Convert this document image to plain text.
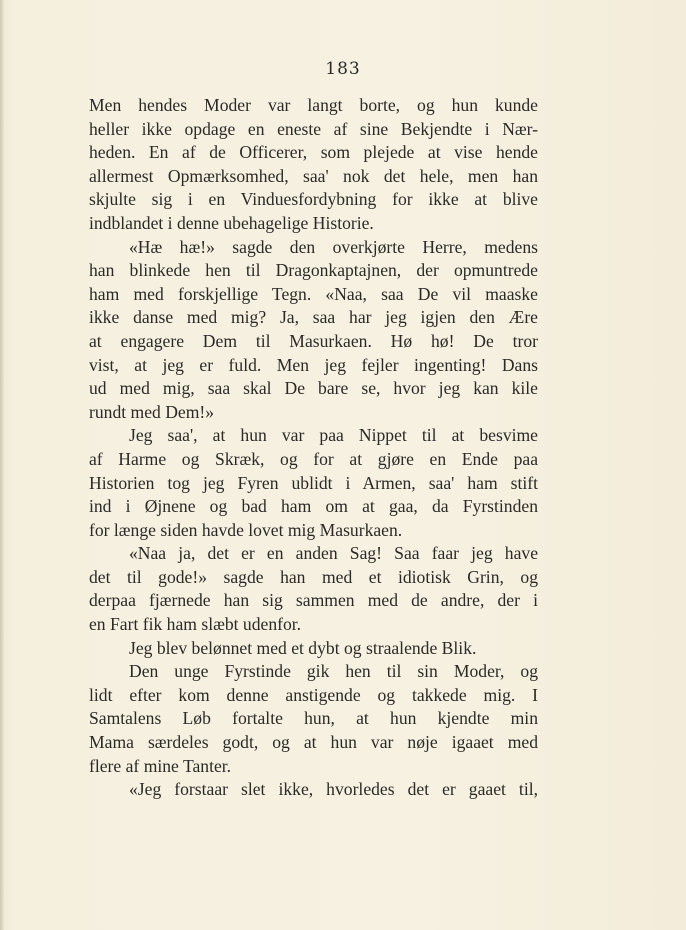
183
Men hendes Moder var langt borte, og hun kunde
heller ikke opdage en eneste af sine Bekjendte i Nær-
heden. En af de Officerer, som plejede at vise hende
allermest Opmærksomhed, saa' nok det hele, men han
skjulte sig i en Vinduesfordybning for ikke at blive
indblandet i denne ubehagelige Historie.
«Hæ hæ!» sagde den overkjørte Herre, medens
han blinkede hen til Dragonkaptajnen, der opmuntrede
ham med forskjellige Tegn. «Naa, saa De vil maaske
ikke danse med mig? Ja, saa har jeg igjen den Ære
at engagere Dem til Masurkaen. Hø hø! De tror
vist, at jeg er fuld. Men jeg fejler ingenting! Dans
ud med mig, saa skal De bare se, hvor jeg kan kile
rundt med Dem!»
Jeg saa', at hun var paa Nippet til at besvime
af Harme og Skræk, og for at gjøre en Ende paa
Historien tog jeg Fyren ublidt i Armen, saa' ham stift
ind i Øjnene og bad ham om at gaa, da Fyrstinden
for længe siden havde lovet mig Masurkaen.
«Naa ja, det er en anden Sag! Saa faar jeg have
det til gode!» sagde han med et idiotisk Grin, og
derpaa fjærnede han sig sammen med de andre, der i
en Fart fik ham slæbt udenfor.
Jeg blev belønnet med et dybt og straalende Blik.
Den unge Fyrstinde gik hen til sin Moder, og
lidt efter kom denne anstigende og takkede mig. I
Samtalens Løb fortalte hun, at hun kjendte min
Mama særdeles godt, og at hun var nøje igaaet med
flere af mine Tanter.
«Jeg forstaar slet ikke, hvorledes det er gaaet til,
